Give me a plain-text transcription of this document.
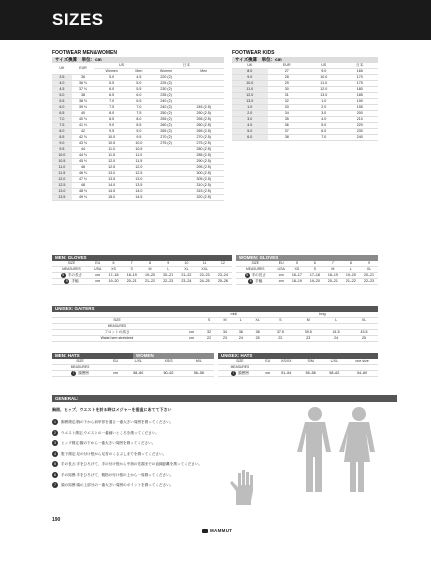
SIZES
FOOTWEAR MEN&WOMEN
サイズ換算　単位：cm
UK	EUR	US		日本	
		Women	Men	Women	Men
3.5	36	5.0	4.5	220 (2)	
4.0	36 ⅔	5.5	5.0	225 (2)	
4.5	37 ⅓	6.0	5.5	230 (2)	
5.0	38	6.5	6.0	235 (2)	
5.5	38 ⅔	7.0	6.5	240 (2)	
6.0	39 ⅓	7.5	7.0	240 (2)	245 (2.5)
6.5	40	8.0	7.5	250 (2)	250 (2.5)
7.0	40 ⅔	8.5	8.0	255 (2)	255 (2.5)
7.5	41 ⅓	9.0	8.5	260 (2)	260 (2.5)
8.0	42	9.5	9.0	265 (2)	265 (2.5)
8.5	42 ⅔	10.0	9.5	270 (2)	270 (2.5)
9.0	43 ⅓	10.5	10.0	275 (2)	275 (2.5)
9.5	44	11.0	10.5		280 (2.5)
10.0	44 ⅔	11.5	11.0		285 (2.5)
10.5	45 ⅓	12.0	11.5		290 (2.5)
11.0	46	12.5	12.0		295 (2.5)
11.5	46 ⅔	13.0	12.5		300 (2.5)
12.0	47 ⅓	13.5	13.0		305 (2.5)
12.5	48	14.0	13.5		310 (2.5)
13.0	48 ⅔	14.5	14.0		315 (2.5)
13.5	49 ⅓	15.0	14.5		320 (2.5)
FOOTWEAR KIDS
サイズ換算　単位：cm
UK	EUR	US	日本
8.0	27	9.0	165
9.0	28	10.0	170
10.0	29	11.0	175
11.0	30	12.0	180
12.0	31	13.0	185
13.0	32	1.0	190
1.0	33	2.0	195
2.0	34	3.0	200
3.0	35	4.0	210
4.0	36	5.0	220
5.0	37	6.0	230
6.0	38	7.0	240
MEN: GLOVES
SIZE	EU	6	7	8	9	10	11	12
MEASURES	USA	XS	S	M	L	XL	XXL	
5 手の長さ	cm	17–18	18–19	19–20	20–21	21–22	22–23	23–24
6 手幅	cm	19–20	20–21	21–22	22–23	23–24	24–25	25–26
WOMEN: GLOVES
SIZE	EU	5	6	7	8	9
MEASURES	USA	XS	S	M	L	XL
5 手の長さ	cm	16–17	17–18	18–19	19–20	20–21
6 手幅	cm	18–19	19–20	20–21	21–22	22–23
UNISEX: GAITERS
		midi				long			
SIZE		S	M	L	XL	S	M	L	XL
MEASURES									
フロントの高さ	cm	32	34	36	38	37.5	39.5	41.5	43.5
Waist hem stretched	cm	22	23	24	25	22	23	24	25
MEN: HATS	WOMEN
SIZE	EU	L/XL	XS/S	M/L
MEASURES				
7 頭囲囲	cm	58–60	60–62	56–58
UNISEX: HATS
SIZE	EU	XS/XX	S/M	L/XL	one size
MEASURES					
7 頭囲囲	cm	51–54	55–58	58–62	54–60
GENERAL:
胸囲、ヒップ、ウエストを計る時はメジャーを垂直にあてて下さい
1	胸囲測定:胸の下から肩甲骨を通る一番大きい周囲を測ってください。
2	ウエスト測定:ウエストの一番細いところを測ってください。
3	ヒップ測定:腰の下から一番大きい周囲を測ってください。
4	股下測定:足の付け根から足首のくるぶしまでを測ってください。
5	手の長さ:手をひろげて、手の付け根から中指の先端までの直線距離を測ってください。
6	手の周囲:手をひろげて、親指の付け根の上から一周測ってください。
7	頭の周囲:頭の上部分の一番大きい周囲のポイントを測ってください。
190
MAMMUT
